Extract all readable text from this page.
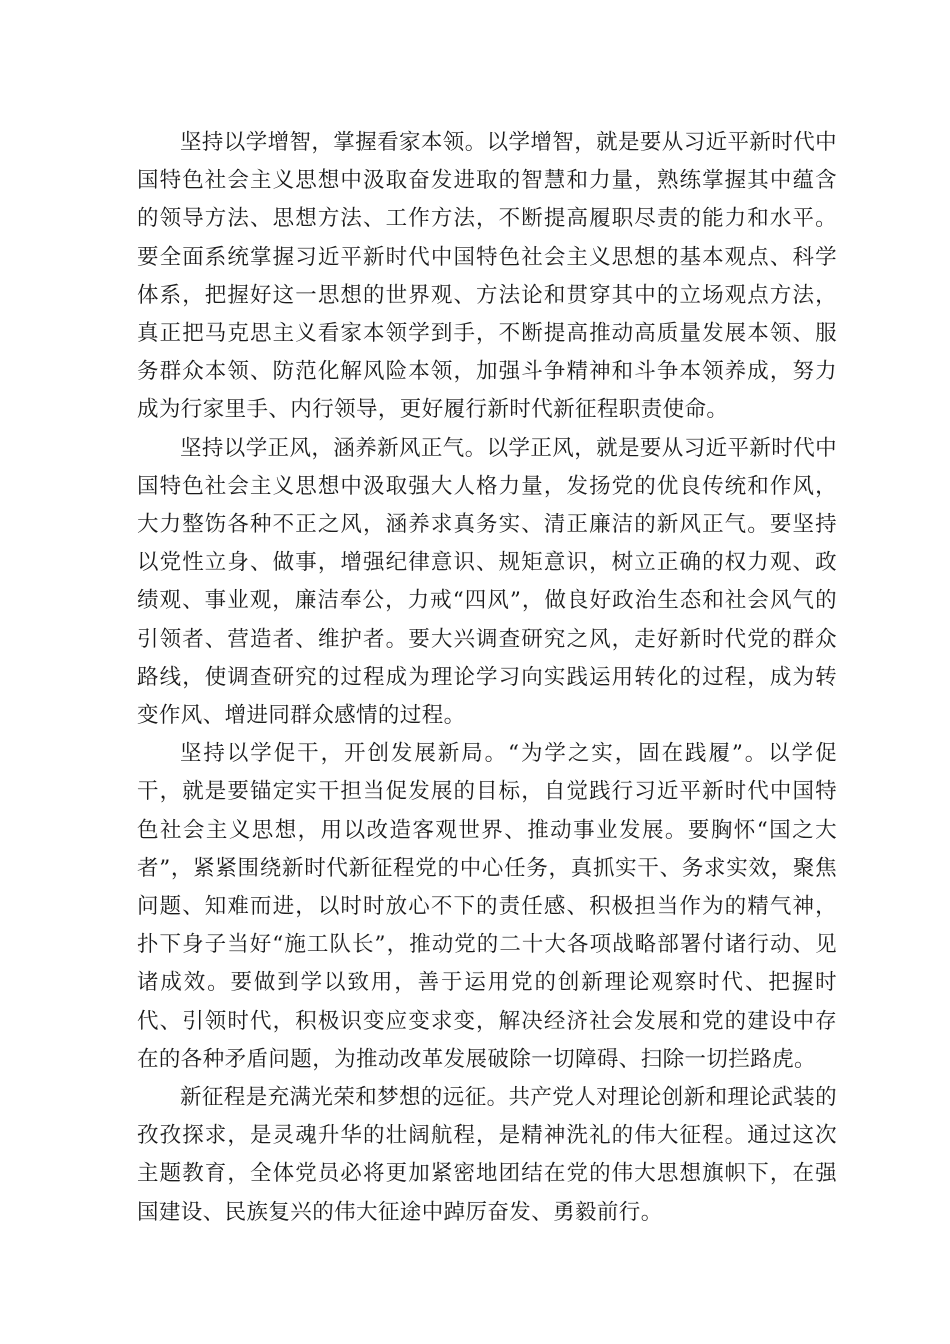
坚持以学增智，掌握看家本领。以学增智，就是要从习近平新时代中国特色社会主义思想中汲取奋发进取的智慧和力量，熟练掌握其中蕴含的领导方法、思想方法、工作方法，不断提高履职尽责的能力和水平。要全面系统掌握习近平新时代中国特色社会主义思想的基本观点、科学体系，把握好这一思想的世界观、方法论和贯穿其中的立场观点方法，真正把马克思主义看家本领学到手，不断提高推动高质量发展本领、服务群众本领、防范化解风险本领，加强斗争精神和斗争本领养成，努力成为行家里手、内行领导，更好履行新时代新征程职责使命。

坚持以学正风，涵养新风正气。以学正风，就是要从习近平新时代中国特色社会主义思想中汲取强大人格力量，发扬党的优良传统和作风，大力整饬各种不正之风，涵养求真务实、清正廉洁的新风正气。要坚持以党性立身、做事，增强纪律意识、规矩意识，树立正确的权力观、政绩观、事业观，廉洁奉公，力戒“四风”，做良好政治生态和社会风气的引领者、营造者、维护者。要大兴调查研究之风，走好新时代党的群众路线，使调查研究的过程成为理论学习向实践运用转化的过程，成为转变作风、增进同群众感情的过程。

坚持以学促干，开创发展新局。“为学之实，固在践履”。以学促干，就是要锚定实干担当促发展的目标，自觉践行习近平新时代中国特色社会主义思想，用以改造客观世界、推动事业发展。要胸怀“国之大者”，紧紧围绕新时代新征程党的中心任务，真抓实干、务求实效，聚焦问题、知难而进，以时时放心不下的责任感、积极担当作为的精气神，扑下身子当好“施工队长”，推动党的二十大各项战略部署付诸行动、见诸成效。要做到学以致用，善于运用党的创新理论观察时代、把握时代、引领时代，积极识变应变求变，解决经济社会发展和党的建设中存在的各种矛盾问题，为推动改革发展破除一切障碍、扫除一切拦路虎。

新征程是充满光荣和梦想的远征。共产党人对理论创新和理论武装的孜孜探求，是灵魂升华的壮阔航程，是精神洗礼的伟大征程。通过这次主题教育，全体党员必将更加紧密地团结在党的伟大思想旗帜下，在强国建设、民族复兴的伟大征途中踔厉奋发、勇毅前行。
